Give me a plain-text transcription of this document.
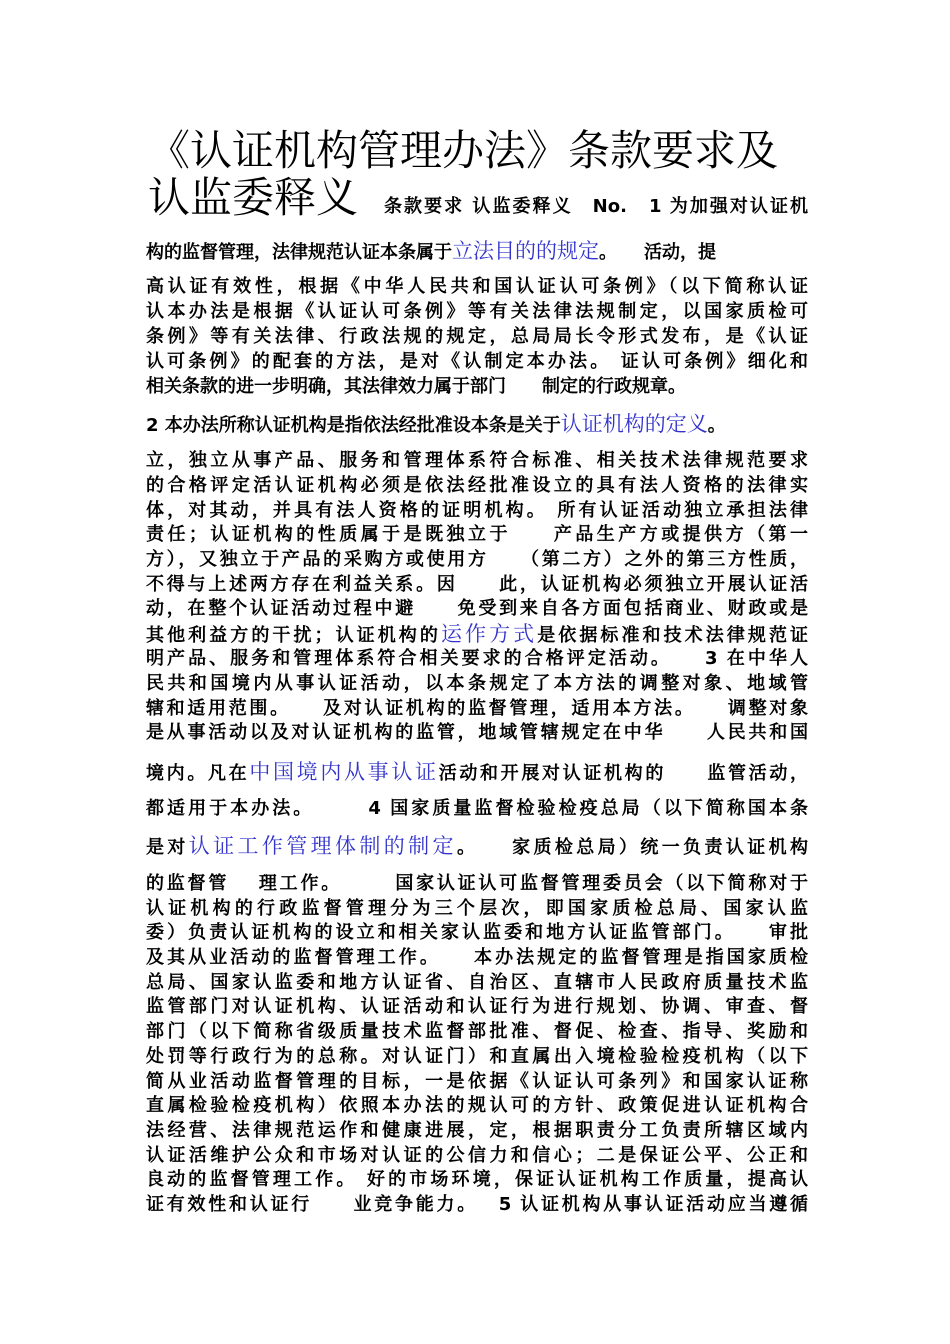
《认证机构管理办法》条款要求及
认监委释义	条款要求 认监委释义　No.　1 为加强对认证机
构的监督管理，法律规范认证本条属于立法目的的规定。　　活动，提
高认证有效性，根据《中华人民共和国认证认可条例》（以下简称认证
认本办法是根据《认证认可条例》等有关法律法规制定，以国家质检可
条例》等有关法律、行政法规的规定，总局局长令形式发布，是《认证
认可条例》的配套的方法，是对《认制定本办法。 证认可条例》细化和
相关条款的进一步明确，其法律效力属于部门　　制定的行政规章。
2 本办法所称认证机构是指依法经批准设本条是关于认证机构的定义。
立，独立从事产品、服务和管理体系符合标准、相关技术法律规范要求
的合格评定活认证机构必须是依法经批准设立的具有法人资格的法律实
体，对其动，并具有法人资格的证明机构。 所有认证活动独立承担法律
责任；认证机构的性质属于是既独立于　　产品生产方或提供方（第一
方），又独立于产品的采购方或使用方　　（第二方）之外的第三方性质，
不得与上述两方存在利益关系。因　　此，认证机构必须独立开展认证活
动，在整个认证活动过程中避　　免受到来自各方面包括商业、财政或是
其他利益方的干扰；认证机构的运作方式是依据标准和技术法律规范证
明产品、服务和管理体系符合相关要求的合格评定活动。　　3 在中华人
民共和国境内从事认证活动，以本条规定了本方法的调整对象、地域管
辖和适用范围。　　及对认证机构的监督管理，适用本方法。　　调整对象
是从事活动以及对认证机构的监管，地域管辖规定在中华　　人民共和国
境内。凡在中国境内从事认证活动和开展对认证机构的　　监管活动，
都适用于本办法。　　　4 国家质量监督检验检疫总局（以下简称国本条
是对认证工作管理体制的制定。　　家质检总局）统一负责认证机构
的监督管　 理工作。　　　国家认证认可监督管理委员会（以下简称对于
认证机构的行政监督管理分为三个层次，即国家质检总局、国家认监
委）负责认证机构的设立和相关家认监委和地方认证监管部门。　　审批
及其从业活动的监督管理工作。　　本办法规定的监督管理是指国家质检
总局、国家认监委和地方认证省、自治区、直辖市人民政府质量技术监
监管部门对认证机构、认证活动和认证行为进行规划、协调、审查、督
部门（以下简称省级质量技术监督部批准、督促、检查、指导、奖励和
处罚等行政行为的总称。对认证门）和直属出入境检验检疫机构（以下
简从业活动监督管理的目标，一是依据《认证认可条列》和国家认证称
直属检验检疫机构）依照本办法的规认可的方针、政策促进认证机构合
法经营、法律规范运作和健康进展，定，根据职责分工负责所辖区域内
认证活维护公众和市场对认证的公信力和信心；二是保证公平、公正和
良动的监督管理工作。 好的市场环境，保证认证机构工作质量，提高认
证有效性和认证行　　业竞争能力。　 5 认证机构从事认证活动应当遵循
